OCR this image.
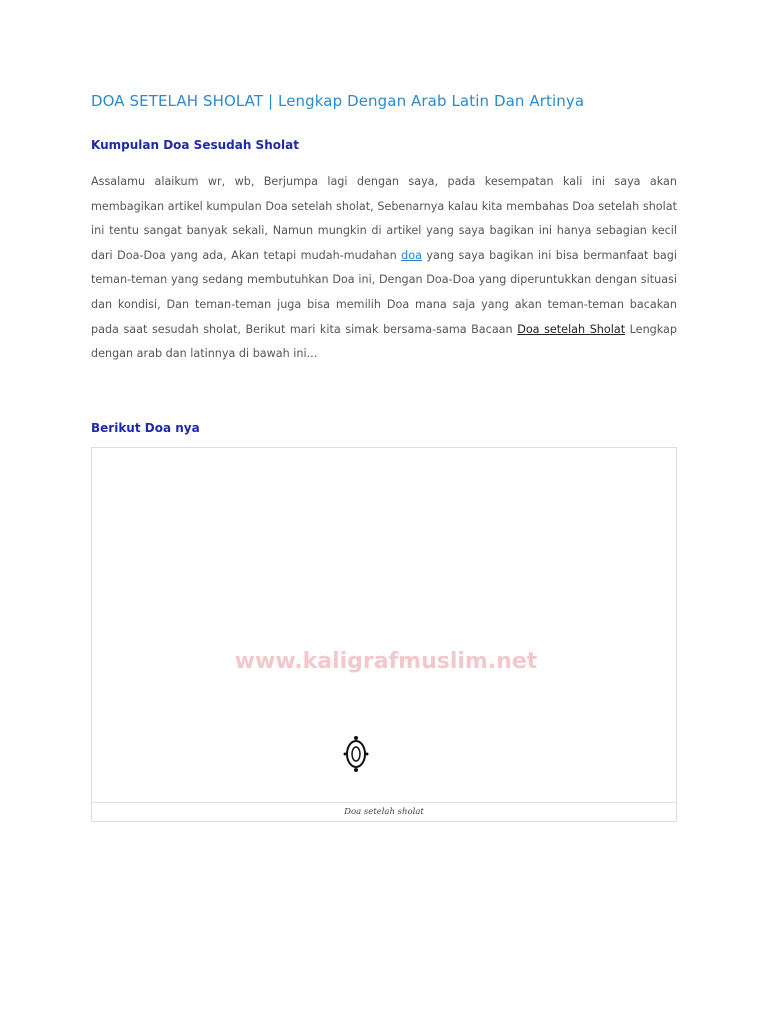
DOA SETELAH SHOLAT | Lengkap Dengan Arab Latin Dan Artinya
Kumpulan Doa Sesudah Sholat
Assalamu alaikum wr, wb, Berjumpa lagi dengan saya, pada kesempatan kali ini saya akan membagikan artikel kumpulan Doa setelah sholat, Sebenarnya kalau kita membahas Doa setelah sholat ini tentu sangat banyak sekali, Namun mungkin di artikel yang saya bagikan ini hanya sebagian kecil dari Doa-Doa yang ada, Akan tetapi mudah-mudahan doa yang saya bagikan ini bisa bermanfaat bagi teman-teman yang sedang membutuhkan Doa ini, Dengan Doa-Doa yang diperuntukkan dengan situasi dan kondisi, Dan teman-teman juga bisa memilih Doa mana saja yang akan teman-teman bacakan pada saat sesudah sholat, Berikut mari kita simak bersama-sama Bacaan Doa setelah Sholat Lengkap dengan arab dan latinnya di bawah ini...
Berikut Doa nya
www.kaligrafmuslim.net
Doa setelah sholat
